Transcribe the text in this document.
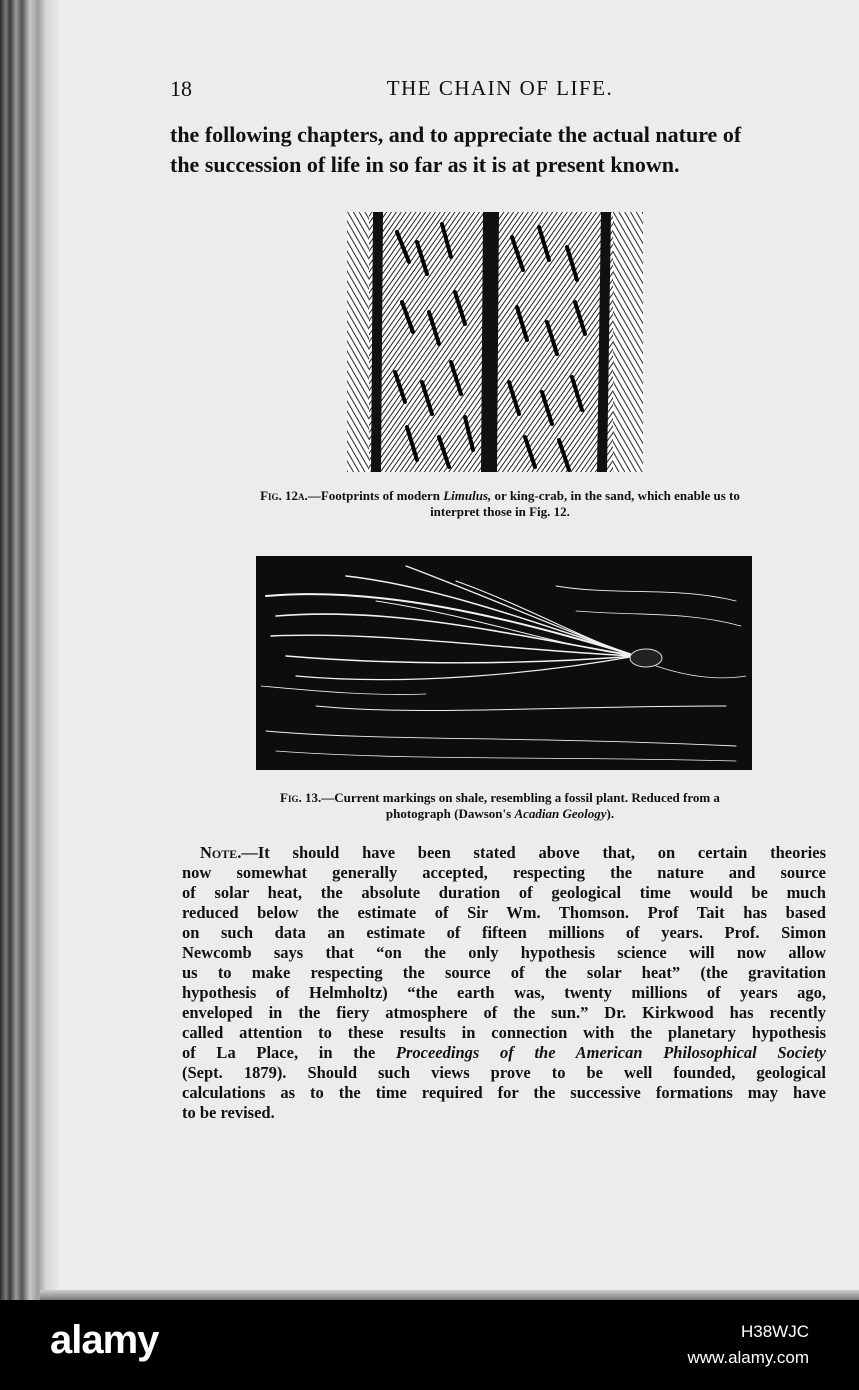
18	THE CHAIN OF LIFE.
the following chapters, and to appreciate the actual nature of
the succession of life in so far as it is at present known.
Fig. 12a.—Footprints of modern Limulus, or king-crab, in the sand, which enable us to
interpret those in Fig. 12.
Fig. 13.—Current markings on shale, resembling a fossil plant. Reduced from a
photograph (Dawson's Acadian Geology).
Note.—It should have been stated above that, on certain theories
now somewhat generally accepted, respecting the nature and source
of solar heat, the absolute duration of geological time would be much
reduced below the estimate of Sir Wm. Thomson. Prof Tait has based
on such data an estimate of fifteen millions of years. Prof. Simon
Newcomb says that “on the only hypothesis science will now allow
us to make respecting the source of the solar heat” (the gravitation
hypothesis of Helmholtz) “the earth was, twenty millions of years ago,
enveloped in the fiery atmosphere of the sun.” Dr. Kirkwood has recently
called attention to these results in connection with the planetary hypothesis
of La Place, in the Proceedings of the American Philosophical Society
(Sept. 1879). Should such views prove to be well founded, geological
calculations as to the time required for the successive formations may have
to be revised.
alamy	H38WJC
www.alamy.com
